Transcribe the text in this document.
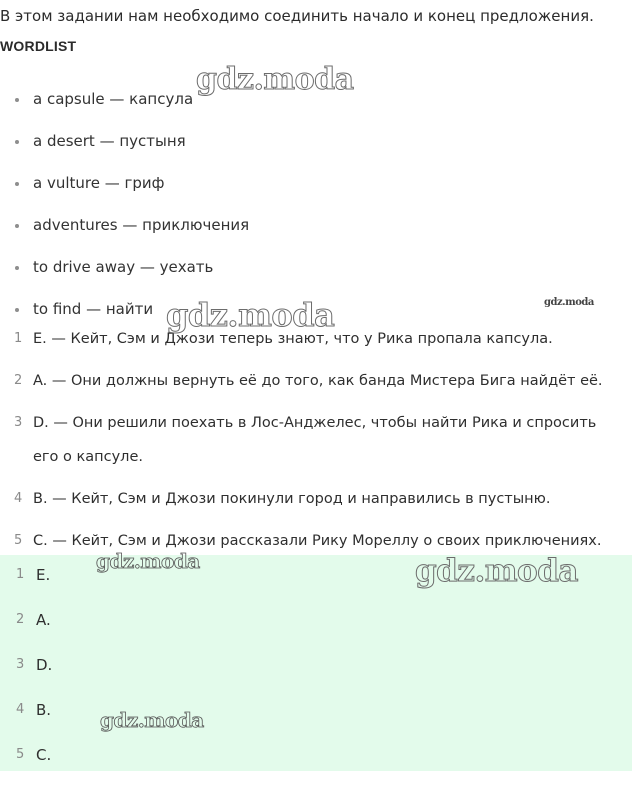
В этом задании нам необходимо соединить начало и конец предложения.
WORDLIST
a capsule — капсула
a desert — пустыня
a vulture — гриф
adventures — приключения
to drive away — уехать
to find — найти
1 E. — Кейт, Сэм и Джози теперь знают, что у Рика пропала капсула.
2 A. — Они должны вернуть её до того, как банда Мистера Бига найдёт её.
3 D. — Они решили поехать в Лос-Анджелес, чтобы найти Рика и спросить его о капсуле.
4 B. — Кейт, Сэм и Джози покинули город и направились в пустыню.
5 C. — Кейт, Сэм и Джози рассказали Рику Мореллу о своих приключениях.
1 E.
2 A.
3 D.
4 B.
5 C.
gdz.moda
gdz.moda	gdz.moda
gdz.moda
gdz.moda
gdz.moda
